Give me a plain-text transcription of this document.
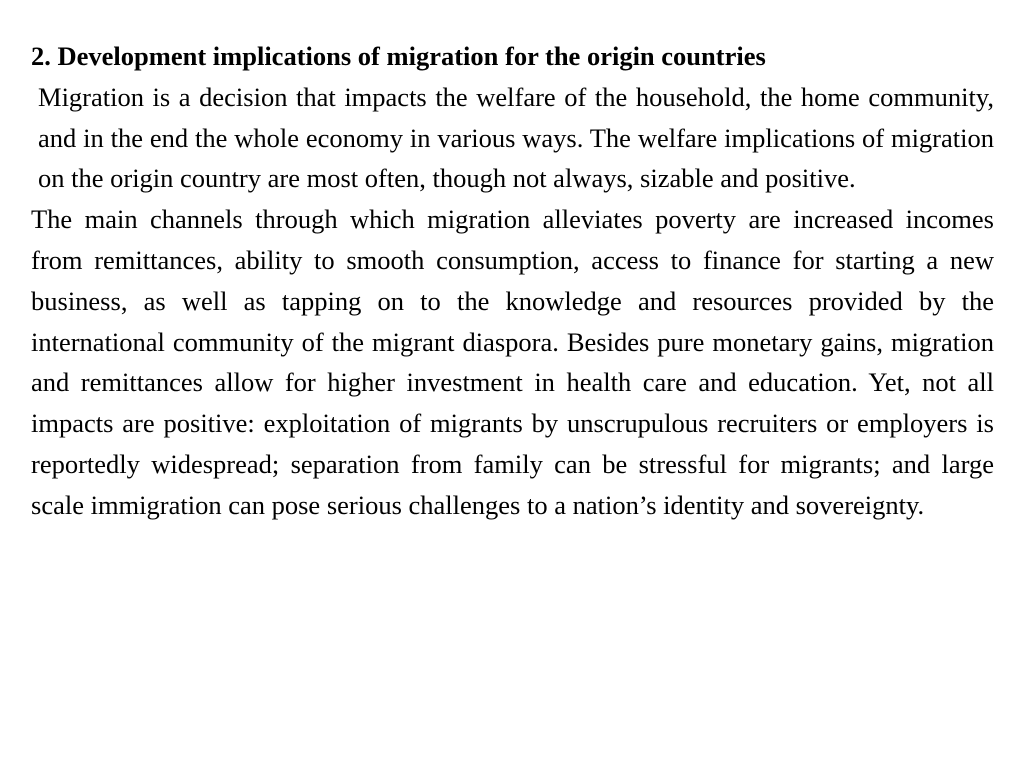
2. Development implications of migration for the origin countries

Migration is a decision that impacts the welfare of the household, the home community, and in the end the whole economy in various ways. The welfare implications of migration on the origin country are most often, though not always, sizable and positive.

The main channels through which migration alleviates poverty are increased incomes from remittances, ability to smooth consumption, access to finance for starting a new business, as well as tapping on to the knowledge and resources provided by the international community of the migrant diaspora. Besides pure monetary gains, migration and remittances allow for higher investment in health care and education. Yet, not all impacts are positive: exploitation of migrants by unscrupulous recruiters or employers is reportedly widespread; separation from family can be stressful for migrants; and large scale immigration can pose serious challenges to a nation’s identity and sovereignty.
